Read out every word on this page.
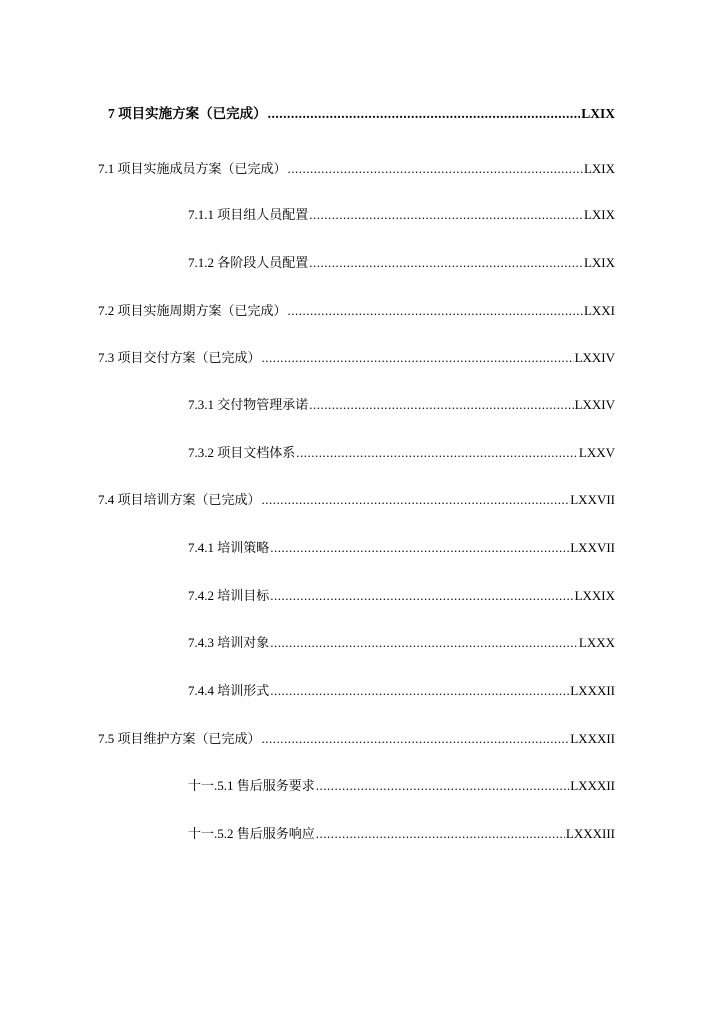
7 项目实施方案（已完成） .....	LXIX
7.1 项目实施成员方案（已完成） .....	LXIX
7.1.1 项目组人员配置 .....	LXIX
7.1.2 各阶段人员配置 .....	LXIX
7.2 项目实施周期方案（已完成） .....	LXXI
7.3 项目交付方案（已完成） .....	LXXIV
7.3.1 交付物管理承诺 .....	LXXIV
7.3.2 项目文档体系 .....	LXXV
7.4 项目培训方案（已完成） .....	LXXVII
7.4.1 培训策略 .....	LXXVII
7.4.2 培训目标 .....	LXXIX
7.4.3 培训对象 .....	LXXX
7.4.4 培训形式 .....	LXXXII
7.5 项目维护方案（已完成） .....	LXXXII
十一.5.1 售后服务要求 .....	LXXXII
十一.5.2 售后服务响应 .....	LXXXIII
